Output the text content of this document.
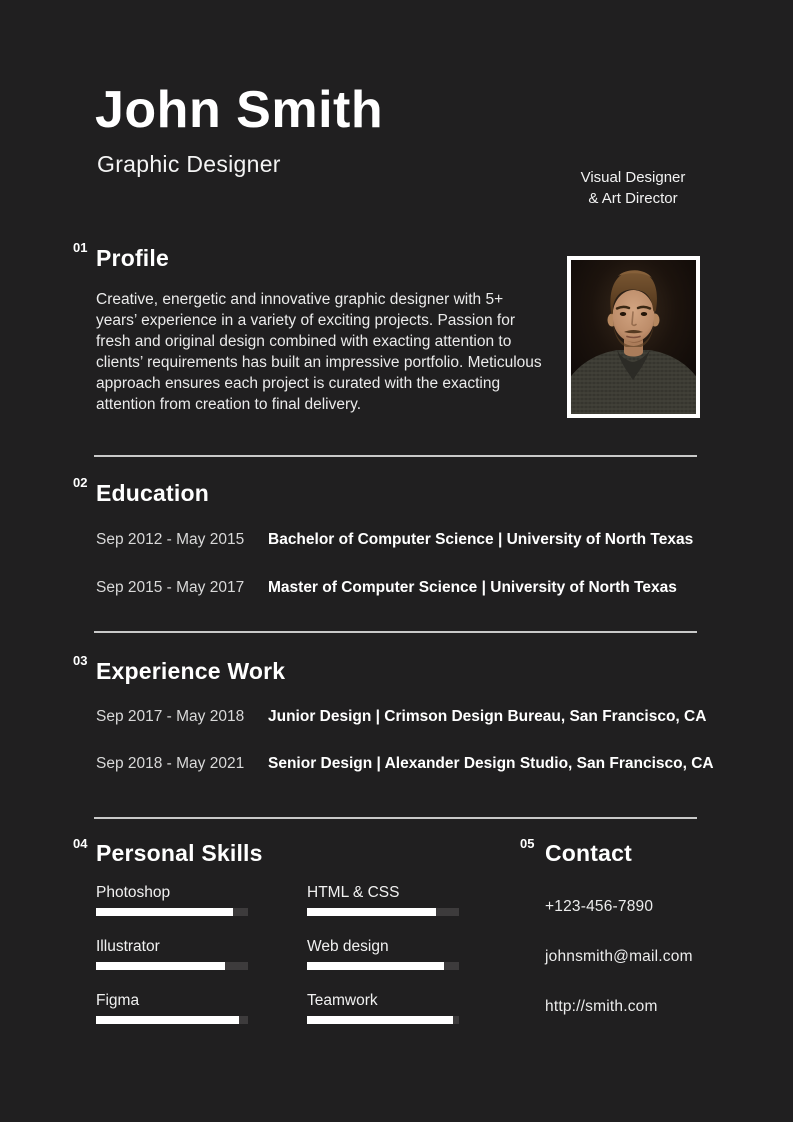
John Smith
Graphic Designer
Visual Designer
& Art Director
01 Profile
Creative, energetic and innovative graphic designer with 5+ years’ experience in a variety of exciting projects. Passion for fresh and original design combined with exacting attention to clients’ requirements has built an impressive portfolio. Meticulous approach ensures each project is curated with the exacting attention from creation to final delivery.
02 Education
Sep 2012 - May 2015	Bachelor of Computer Science | University of North Texas
Sep 2015 - May 2017	Master of Computer Science | University of North Texas
03 Experience Work
Sep 2017 - May 2018	Junior Design | Crimson Design Bureau, San Francisco, CA
Sep 2018 - May 2021	Senior Design | Alexander Design Studio, San Francisco, CA
04 Personal Skills
Photoshop
Illustrator
Figma
HTML & CSS
Web design
Teamwork
05 Contact
+123-456-7890
johnsmith@mail.com
http://smith.com
